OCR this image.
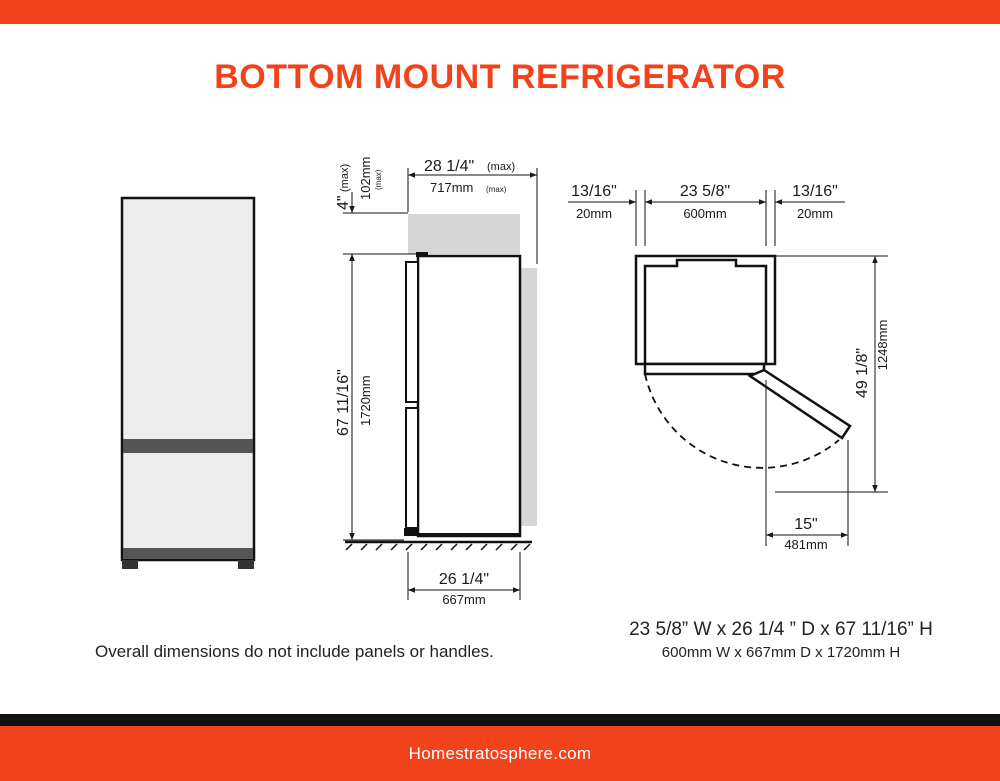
BOTTOM MOUNT REFRIGERATOR
28 1/4" (max)
717mm (max)
4"
(max) 102mm (max)
67 11/16" 1720mm
26 1/4"
667mm
13/16"
20mm
23 5/8"
600mm
13/16"
20mm
49 1/8"
1248mm
15"
481mm
Overall dimensions do not include panels or handles.
23 5/8” W x 26 1/4 ” D x 67 11/16” H
600mm W x 667mm D x 1720mm H
Homestratosphere.com
